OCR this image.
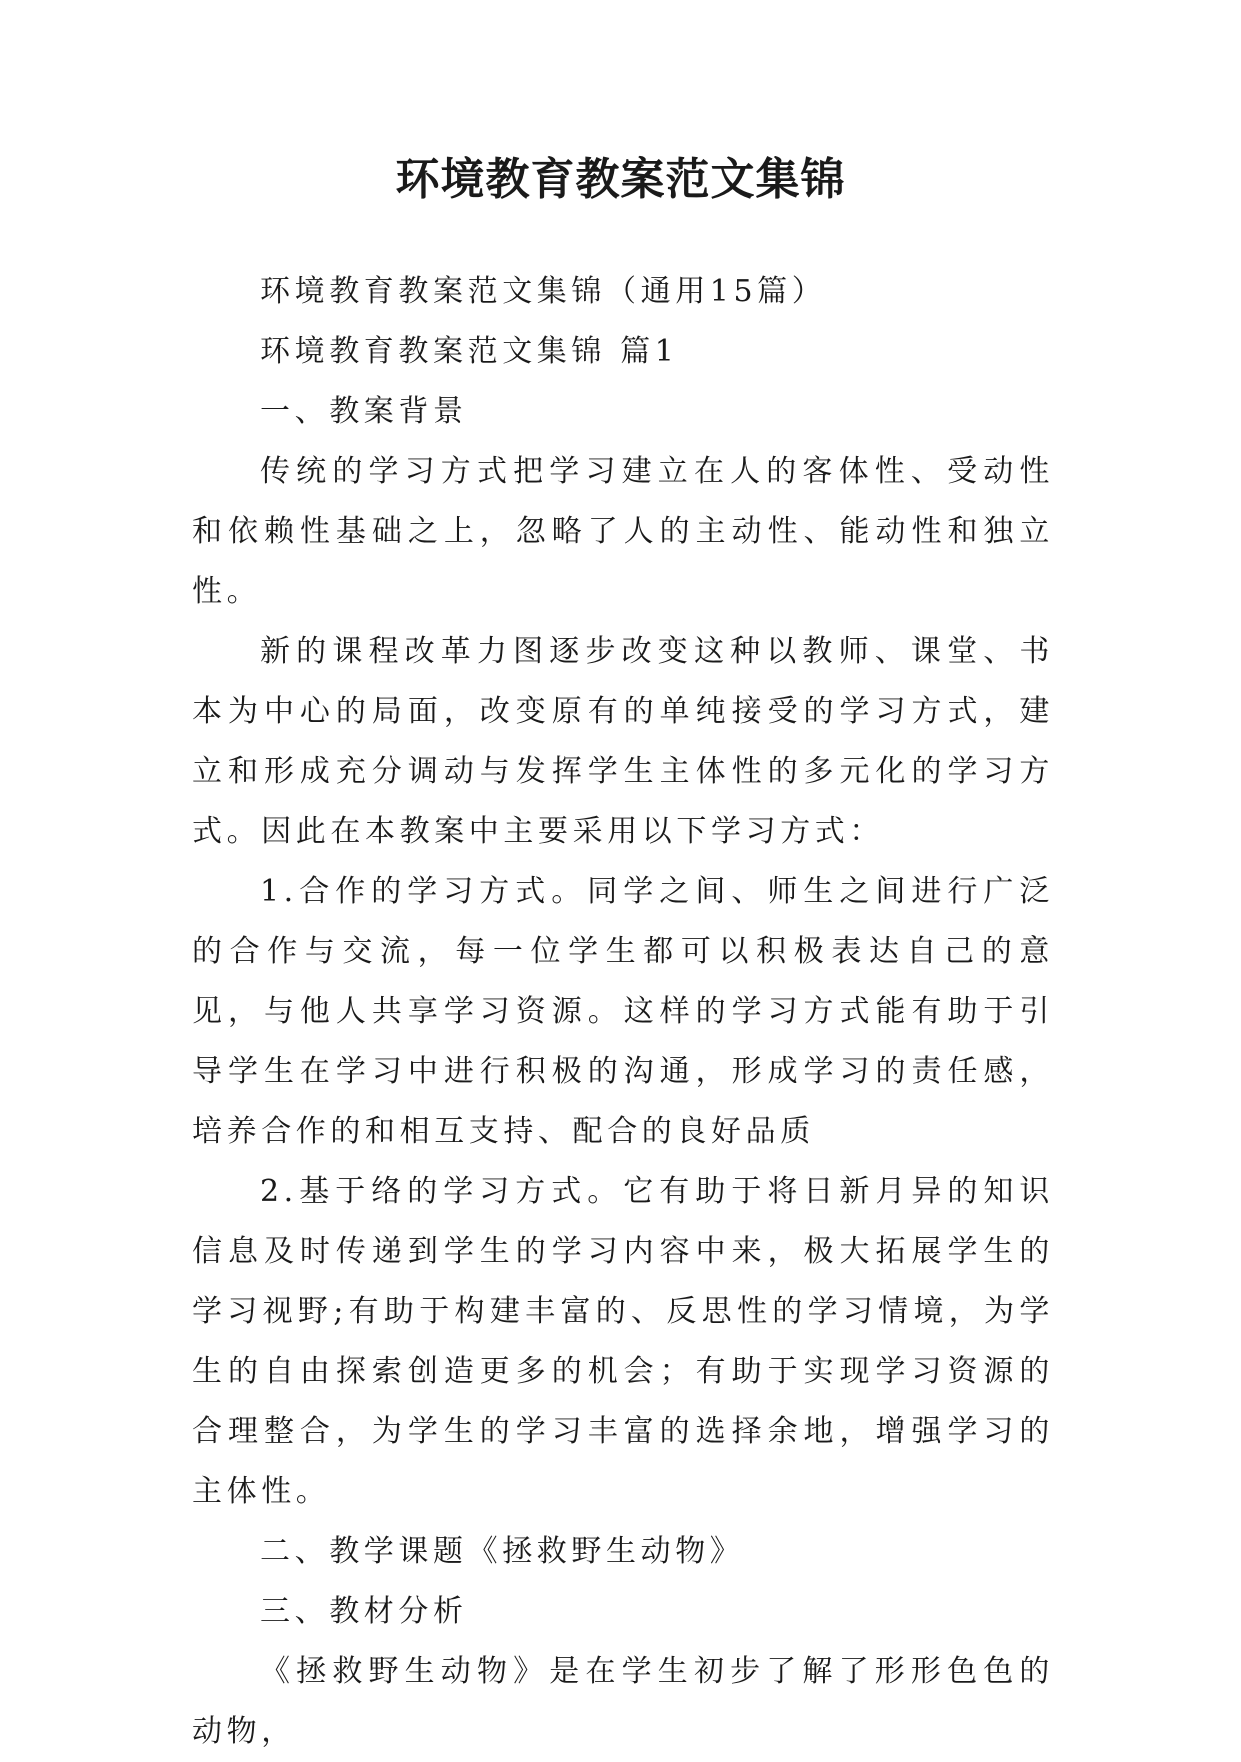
环境教育教案范文集锦

环境教育教案范文集锦（通用15篇）

环境教育教案范文集锦 篇1

一、教案背景

传统的学习方式把学习建立在人的客体性、受动性和依赖性基础之上，忽略了人的主动性、能动性和独立性。

新的课程改革力图逐步改变这种以教师、课堂、书本为中心的局面，改变原有的单纯接受的学习方式，建立和形成充分调动与发挥学生主体性的多元化的学习方式。因此在本教案中主要采用以下学习方式：

1.合作的学习方式。同学之间、师生之间进行广泛的合作与交流，每一位学生都可以积极表达自己的意见，与他人共享学习资源。这样的学习方式能有助于引导学生在学习中进行积极的沟通，形成学习的责任感，培养合作的和相互支持、配合的良好品质

2.基于络的学习方式。它有助于将日新月异的知识信息及时传递到学生的学习内容中来，极大拓展学生的学习视野;有助于构建丰富的、反思性的学习情境，为学生的自由探索创造更多的机会；有助于实现学习资源的合理整合，为学生的学习丰富的选择余地，增强学习的主体性。

二、教学课题《拯救野生动物》

三、教材分析

《拯救野生动物》是在学生初步了解了形形色色的动物，
